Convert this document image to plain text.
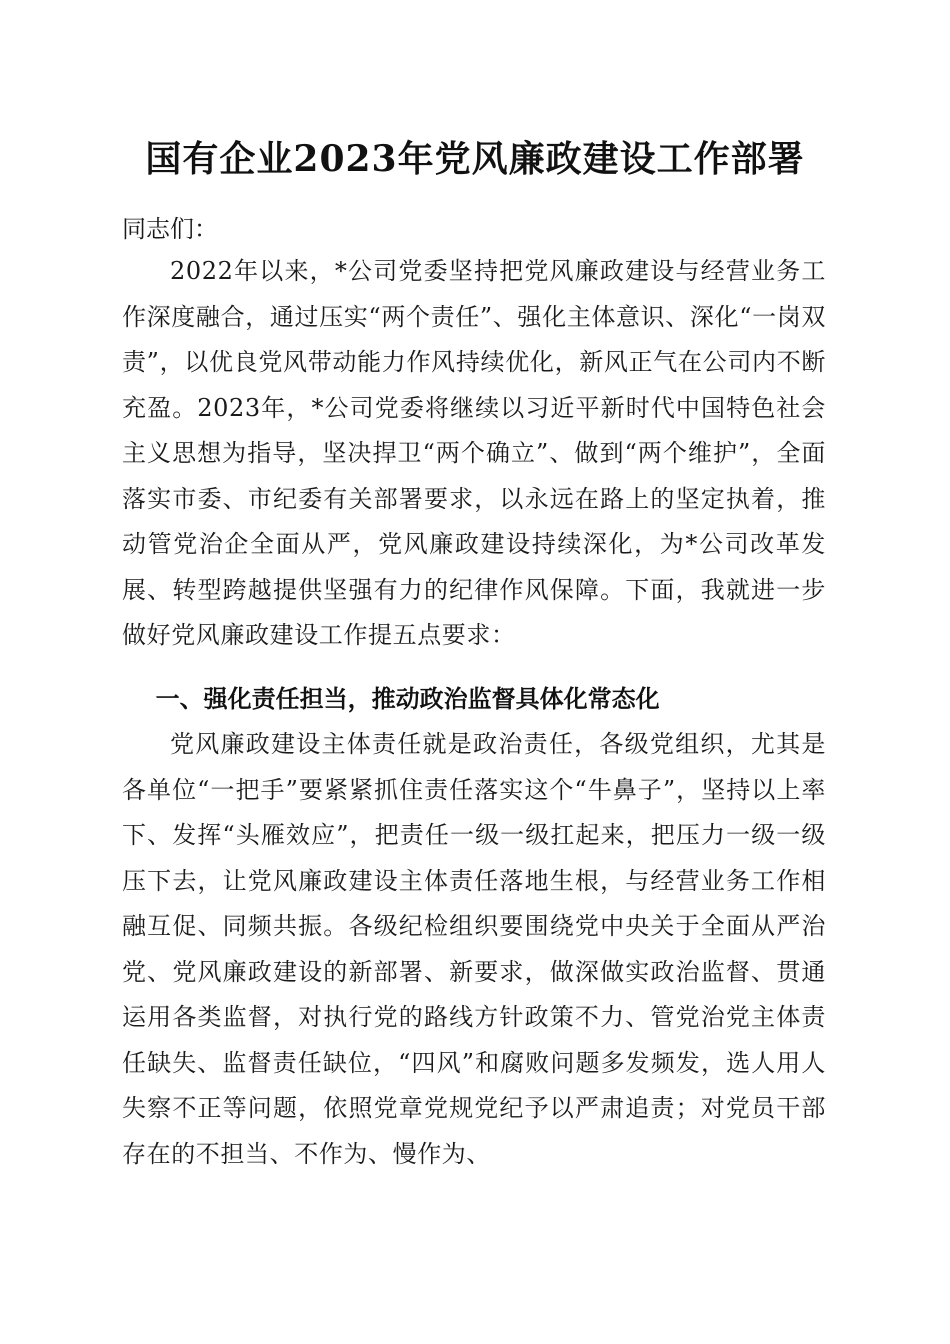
国有企业2023年党风廉政建设工作部署
同志们：

2022年以来，*公司党委坚持把党风廉政建设与经营业务工作深度融合，通过压实“两个责任”、强化主体意识、深化“一岗双责”，以优良党风带动能力作风持续优化，新风正气在公司内不断充盈。2023年，*公司党委将继续以习近平新时代中国特色社会主义思想为指导，坚决捍卫“两个确立”、做到“两个维护”，全面落实市委、市纪委有关部署要求，以永远在路上的坚定执着，推动管党治企全面从严，党风廉政建设持续深化，为*公司改革发展、转型跨越提供坚强有力的纪律作风保障。下面，我就进一步做好党风廉政建设工作提五点要求：

一、强化责任担当，推动政治监督具体化常态化

党风廉政建设主体责任就是政治责任，各级党组织，尤其是各单位“一把手”要紧紧抓住责任落实这个“牛鼻子”，坚持以上率下、发挥“头雁效应”，把责任一级一级扛起来，把压力一级一级压下去，让党风廉政建设主体责任落地生根，与经营业务工作相融互促、同频共振。各级纪检组织要围绕党中央关于全面从严治党、党风廉政建设的新部署、新要求，做深做实政治监督、贯通运用各类监督，对执行党的路线方针政策不力、管党治党主体责任缺失、监督责任缺位，“四风”和腐败问题多发频发，选人用人失察不正等问题，依照党章党规党纪予以严肃追责；对党员干部存在的不担当、不作为、慢作为、
